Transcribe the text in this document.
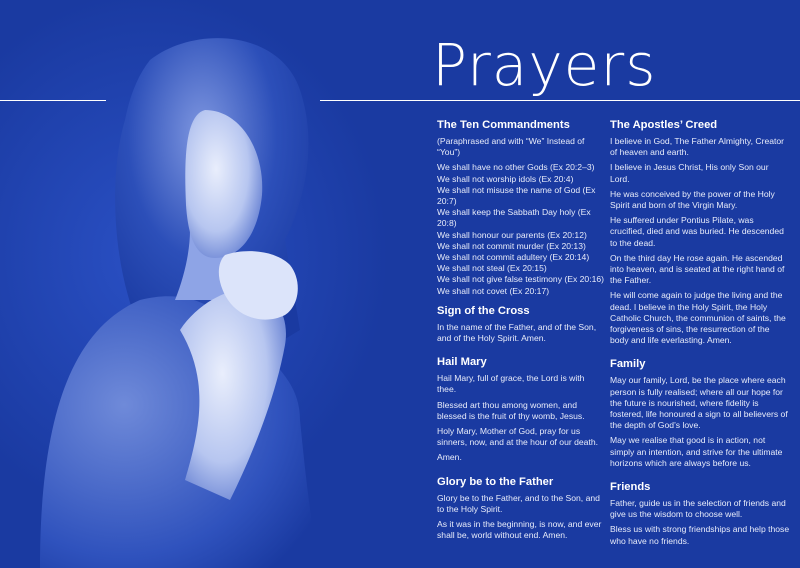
Prayers
The Ten Commandments
(Paraphrased and with “We” Instead of “You”)
We shall have no other Gods (Ex 20:2–3)
We shall not worship idols (Ex 20:4)
We shall not misuse the name of God (Ex 20:7)
We shall keep the Sabbath Day holy (Ex 20:8)
We shall honour our parents (Ex 20:12)
We shall not commit murder (Ex 20:13)
We shall not commit adultery (Ex 20:14)
We shall not steal (Ex 20:15)
We shall not give false testimony (Ex 20:16)
We shall not covet (Ex 20:17)
Sign of the Cross
In the name of the Father, and of the Son, and of the Holy Spirit. Amen.
Hail Mary
Hail Mary, full of grace, the Lord is with thee.
Blessed art thou among women, and blessed is the fruit of thy womb, Jesus.
Holy Mary, Mother of God, pray for us sinners, now, and at the hour of our death.
Amen.
Glory be to the Father
Glory be to the Father, and to the Son, and to the Holy Spirit.
As it was in the beginning, is now, and ever shall be, world without end. Amen.
The Apostles’ Creed
I believe in God, The Father Almighty, Creator of heaven and earth.
I believe in Jesus Christ, His only Son our Lord.
He was conceived by the power of the Holy Spirit and born of the Virgin Mary.
He suffered under Pontius Pilate, was crucified, died and was buried. He descended to the dead.
On the third day He rose again. He ascended into heaven, and is seated at the right hand of the Father.
He will come again to judge the living and the dead. I believe in the Holy Spirit, the Holy Catholic Church, the communion of saints, the forgiveness of sins, the resurrection of the body and life everlasting. Amen.
Family
May our family, Lord, be the place where each person is fully realised; where all our hope for the future is nourished, where fidelity is fostered, life honoured a sign to all believers of the depth of God’s love.
May we realise that good is in action, not simply an intention, and strive for the ultimate horizons which are always before us.
Friends
Father, guide us in the selection of friends and give us the wisdom to choose well.
Bless us with strong friendships and help those who have no friends.
